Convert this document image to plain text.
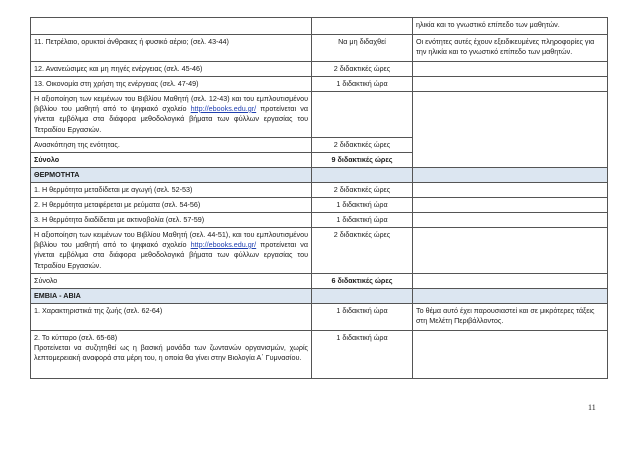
		ηλικία και το γνωστικό επίπεδο των μαθητών.
11. Πετρέλαιο, ορυκτοί άνθρακες ή φυσικό αέριο; (σελ. 43-44)	Να μη διδαχθεί	Οι ενότητες αυτές έχουν εξειδικευμένες πληροφορίες για την ηλικία και το γνωστικό επίπεδο των μαθητών.
12. Ανανεώσιμες και μη πηγές ενέργειας (σελ. 45-46)	2 διδακτικές ώρες	
13. Οικονομία στη χρήση της ενέργειας (σελ. 47-49)	1 διδακτική ώρα	
Η αξιοποίηση των κειμένων του Βιβλίου Μαθητή (σελ. 12-43) και του εμπλουτισμένου βιβλίου του μαθητή από το ψηφιακό σχολείο http://ebooks.edu.gr/ προτείνεται να γίνεται εμβόλιμα στα διάφορα μεθοδολογικά βήματα των φύλλων εργασίας του Τετραδίου Εργασιών.		
Ανασκόπηση της ενότητας.	2 διδακτικές ώρες	
Σύνολο	9 διδακτικές ώρες	
ΘΕΡΜΟΤΗΤΑ		
1. Η θερμότητα μεταδίδεται με αγωγή (σελ. 52-53)	2 διδακτικές ώρες	
2. Η θερμότητα μεταφέρεται με ρεύματα (σελ. 54-56)	1 διδακτική ώρα	
3. Η θερμότητα διαδίδεται με ακτινοβολία (σελ. 57-59)	1 διδακτική ώρα	
Η αξιοποίηση των κειμένων του Βιβλίου Μαθητή (σελ. 44-51), και του εμπλουτισμένου βιβλίου του μαθητή από το ψηφιακό σχολείο http://ebooks.edu.gr/ προτείνεται να γίνεται εμβόλιμα στα διάφορα μεθοδολογικά βήματα των φύλλων εργασίας του Τετραδίου Εργασιών.	2 διδακτικές ώρες	
Σύνολο	6 διδακτικές ώρες	
ΕΜΒΙΑ - ΑΒΙΑ		
1. Χαρακτηριστικά της ζωής (σελ. 62-64)	1 διδακτική ώρα	Το θέμα αυτό έχει παρουσιαστεί και σε μικρότερες τάξεις στη Μελέτη Περιβάλλοντος.

2. Το κύτταρο (σελ. 65-68)
Προτείνεται να συζητηθεί ως η βασική μονάδα των ζωντανών οργανισμών, χωρίς λεπτομερειακή αναφορά στα μέρη του, η οποία θα γίνει στην Βιολογία Α΄ Γυμνασίου.	1 διδακτική ώρα	
11
